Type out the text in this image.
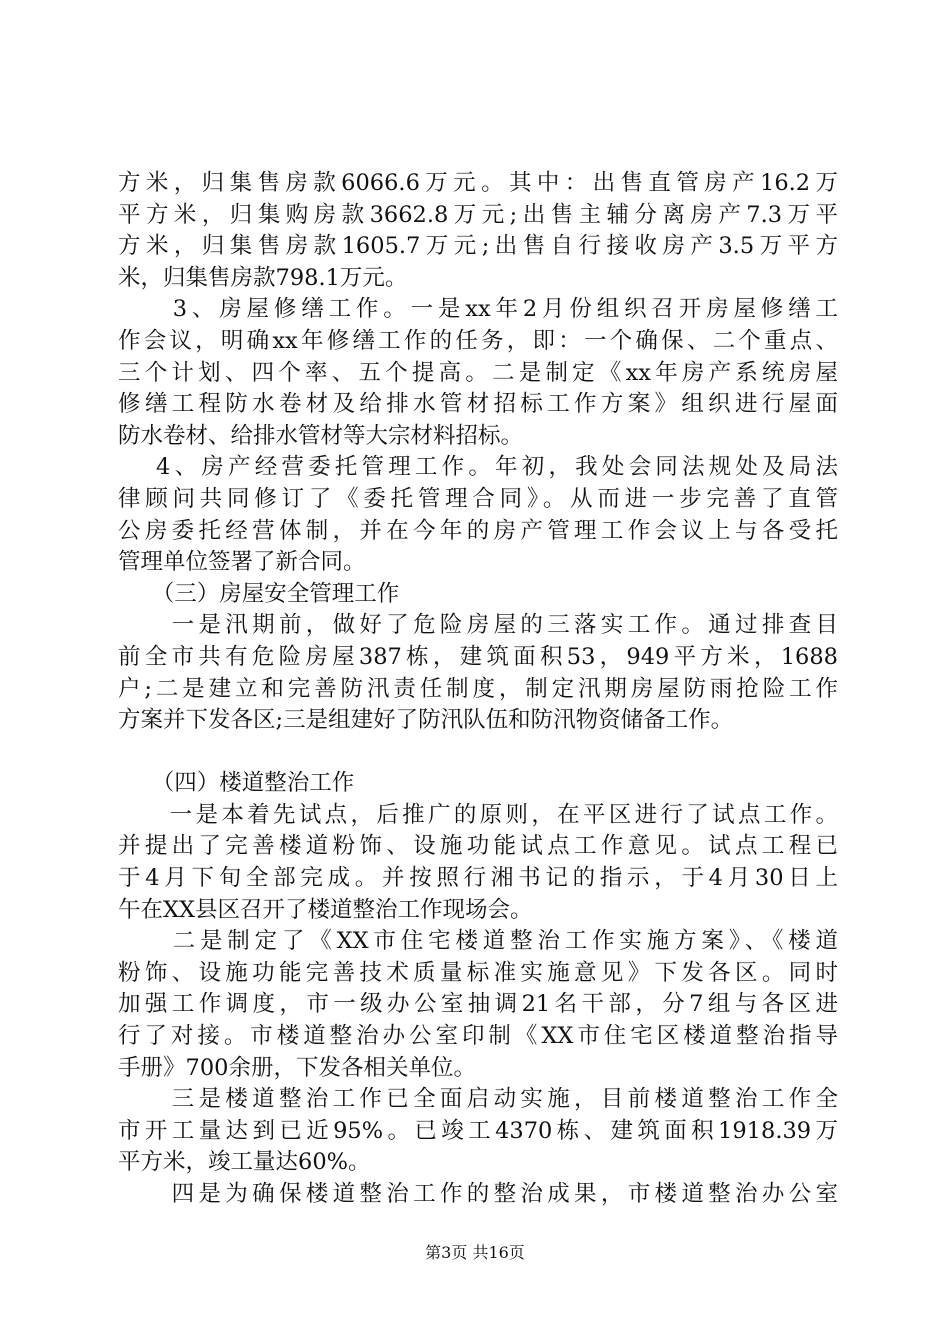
方米，归集售房款6066.6万元。其中：出售直管房产16.2万
平方米，归集购房款3662.8万元;出售主辅分离房产7.3万平
方米，归集售房款1605.7万元;出售自行接收房产3.5万平方
米，归集售房款798.1万元。
　　3、房屋修缮工作。一是xx年2月份组织召开房屋修缮工
作会议，明确xx年修缮工作的任务，即：一个确保、二个重点、
三个计划、四个率、五个提高。二是制定《xx年房产系统房屋
修缮工程防水卷材及给排水管材招标工作方案》组织进行屋面
防水卷材、给排水管材等大宗材料招标。
　 4、房产经营委托管理工作。年初，我处会同法规处及局法
律顾问共同修订了《委托管理合同》。从而进一步完善了直管
公房委托经营体制，并在今年的房产管理工作会议上与各受托
管理单位签署了新合同。
　　（三）房屋安全管理工作
　　一是汛期前，做好了危险房屋的三落实工作。通过排查目
前全市共有危险房屋387栋，建筑面积53，949平方米，1688
户;二是建立和完善防汛责任制度，制定汛期房屋防雨抢险工作
方案并下发各区;三是组建好了防汛队伍和防汛物资储备工作。
　　（四）楼道整治工作
　　一是本着先试点，后推广的原则，在平区进行了试点工作。
并提出了完善楼道粉饰、设施功能试点工作意见。试点工程已
于4月下旬全部完成。并按照行湘书记的指示，于4月30日上
午在XX县区召开了楼道整治工作现场会。
　　二是制定了《XX市住宅楼道整治工作实施方案》、《楼道
粉饰、设施功能完善技术质量标准实施意见》下发各区。同时
加强工作调度，市一级办公室抽调21名干部，分7组与各区进
行了对接。市楼道整治办公室印制《XX市住宅区楼道整治指导
手册》700余册，下发各相关单位。
　　三是楼道整治工作已全面启动实施，目前楼道整治工作全
市开工量达到已近95%。已竣工4370栋、建筑面积1918.39万
平方米，竣工量达60%。
　　四是为确保楼道整治工作的整治成果，市楼道整治办公室
第3页 共16页
